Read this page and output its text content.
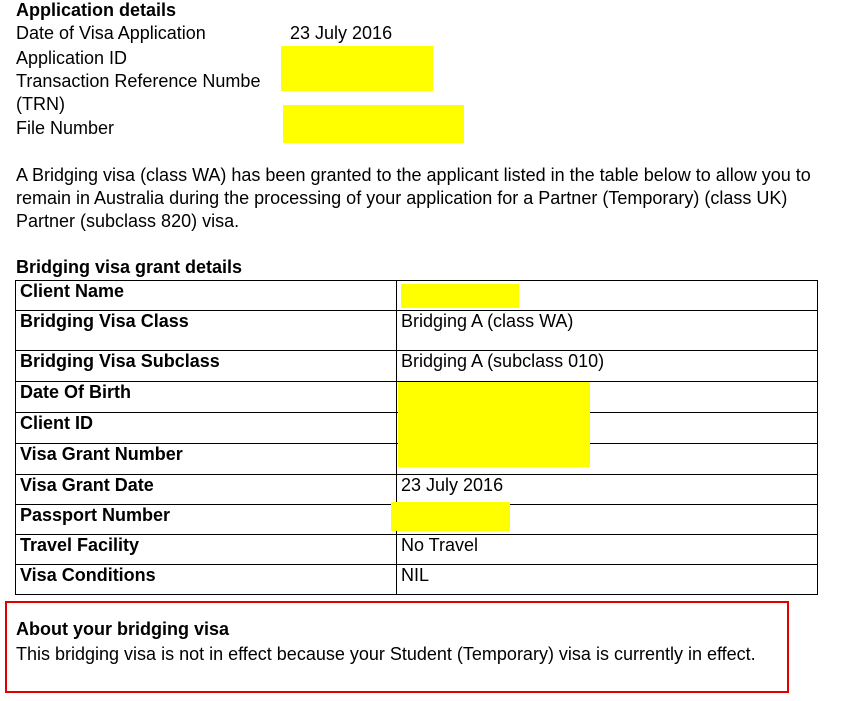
Application details
Date of Visa Application	23 July 2016
Application ID
Transaction Reference Numbe
(TRN)
File Number
A Bridging visa (class WA) has been granted to the applicant listed in the table below to allow you to remain in Australia during the processing of your application for a Partner (Temporary) (class UK) Partner (subclass 820) visa.
Bridging visa grant details
Client Name	

Bridging Visa Class	Bridging A (class WA)
Bridging Visa Subclass	Bridging A (subclass 010)
Date Of Birth	

Client ID	
Visa Grant Number	
Visa Grant Date	23 July 2016
Passport Number	

Travel Facility	No Travel
Visa Conditions	NIL
About your bridging visa
This bridging visa is not in effect because your Student (Temporary) visa is currently in effect.
